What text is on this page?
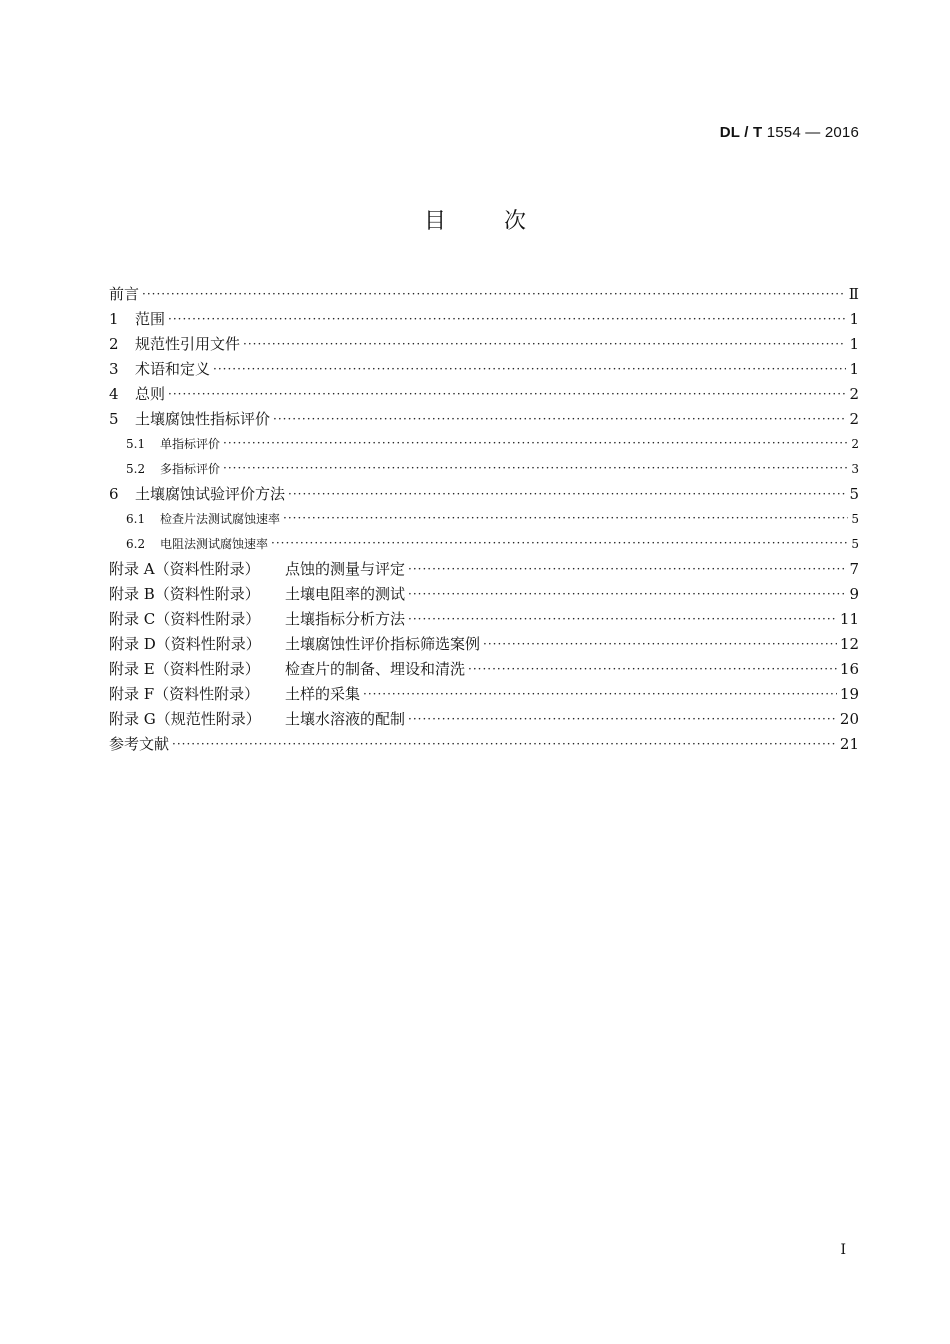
DL / T 1554 — 2016
目	次
前言 ·····	Ⅱ
1	范围 ·····	1
2	规范性引用文件 ·····	1
3	术语和定义 ·····	1
4	总则 ·····	2
5	土壤腐蚀性指标评价 ·····	2
5.1	单指标评价 ·····	2
5.2	多指标评价 ·····	3
6	土壤腐蚀试验评价方法 ·····	5
6.1	检查片法测试腐蚀速率 ·····	5
6.2	电阻法测试腐蚀速率 ·····	5
附录 A（资料性附录）	点蚀的测量与评定 ·····	7
附录 B（资料性附录）	土壤电阻率的测试 ·····	9
附录 C（资料性附录）	土壤指标分析方法 ·····	11
附录 D（资料性附录）	土壤腐蚀性评价指标筛选案例 ·····	12
附录 E（资料性附录）	检查片的制备、埋设和清洗 ·····	16
附录 F（资料性附录）	土样的采集 ·····	19
附录 G（规范性附录）	土壤水溶液的配制 ·····	20
参考文献 ·····	21
I
